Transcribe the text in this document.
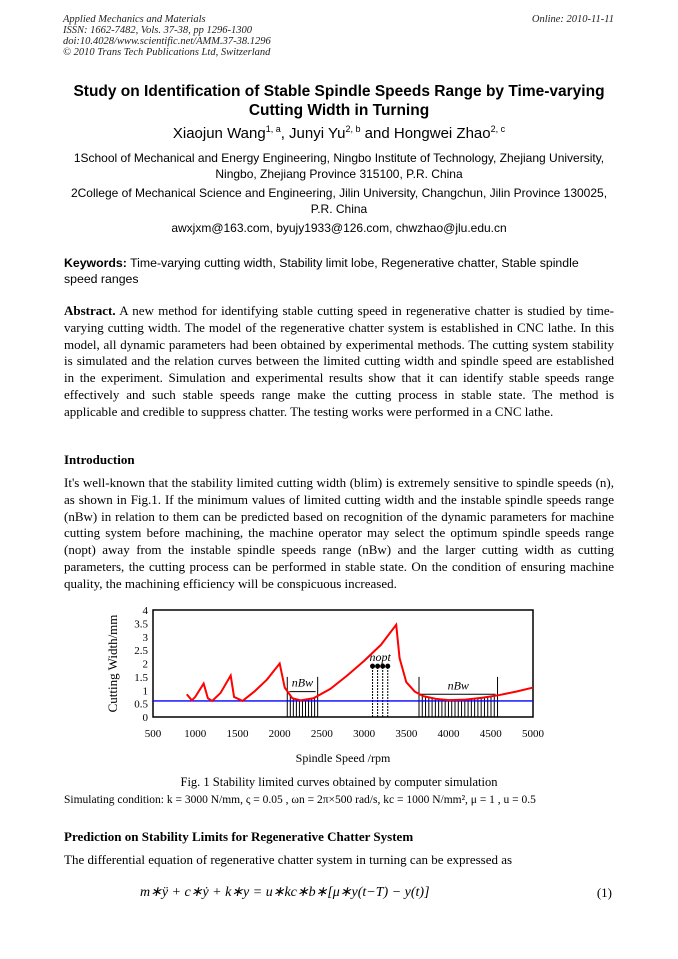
Applied Mechanics and Materials
ISSN: 1662-7482, Vols. 37-38, pp 1296-1300
doi:10.4028/www.scientific.net/AMM.37-38.1296
© 2010 Trans Tech Publications Ltd, Switzerland
Online: 2010-11-11
Study on Identification of Stable Spindle Speeds Range by Time-varying Cutting Width in Turning
Xiaojun Wang$^{1, a}$, Junyi Yu$^{2, b}$ and Hongwei Zhao$^{2, c}$
1School of Mechanical and Energy Engineering, Ningbo Institute of Technology, Zhejiang University, Ningbo, Zhejiang Province 315100, P.R. China
2College of Mechanical Science and Engineering, Jilin University, Changchun, Jilin Province 130025, P.R. China
awxjxm@163.com, byujy1933@126.com, chwzhao@jlu.edu.cn
Keywords: Time-varying cutting width, Stability limit lobe, Regenerative chatter, Stable spindle speed ranges
Abstract. A new method for identifying stable cutting speed in regenerative chatter is studied by time- varying cutting width. The model of the regenerative chatter system is established in CNC lathe. In this model, all dynamic parameters had been obtained by experimental methods. The cutting system stability is simulated and the relation curves between the limited cutting width and spindle speed are established in the experiment. Simulation and experimental results show that it can identify stable speeds range effectively and such stable speeds range make the cutting process in stable state. The method is applicable and credible to suppress chatter. The testing works were performed in a CNC lathe.
Introduction
It's well-known that the stability limited cutting width (blim) is extremely sensitive to spindle speeds (n), as shown in Fig.1. If the minimum values of limited cutting width and the instable spindle speeds range (nBw) in relation to them can be predicted based on recognition of the dynamic parameters for machine cutting system before machining, the machine operator may select the optimum spindle speeds range (nopt) away from the instable spindle speeds range (nBw) and the larger cutting width as cutting parameters, the cutting process can be performed in stable state. On the condition of ensuring machine quality, the machining efficiency will be conspicuous increased.
0
0.5
1
1.5
2
2.5
3
3.5
4
500 1000 1500 2000 2500 3000 3500 4000 4500 5000
Spindle Speed /rpm
Cutting Width/mm	nBw	nBw
nopt
Fig. 1 Stability limited curves obtained by computer simulation
Simulating condition: k = 3000 N/mm, ς = 0.05 , ωn = 2π×500 rad/s, kc = 1000 N/mm², μ = 1 , u = 0.5
Prediction on Stability Limits for Regenerative Chatter System
The differential equation of regenerative chatter system in turning can be expressed as
m∗ÿ + c∗ẏ + k∗y = u∗kc∗b∗[μ∗y(t−T) − y(t)]	(1)
